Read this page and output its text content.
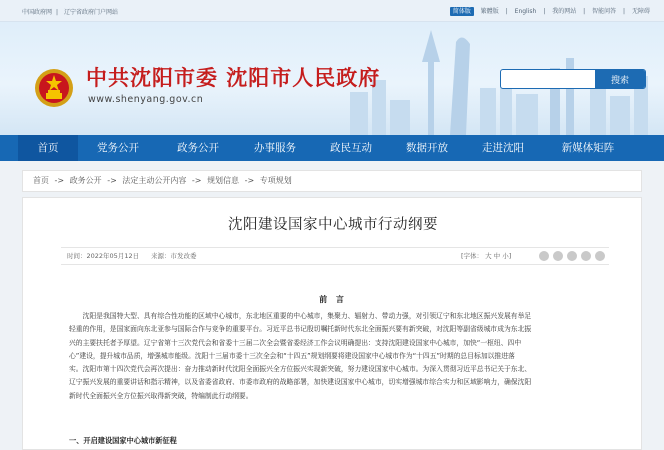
中国政府网 | 辽宁省政府门户网站	简体版 繁體版 | English | 我的网站 | 智能问答 | 无障碍
中共沈阳市委 沈阳市人民政府
www.shenyang.gov.cn
搜索
首页	党务公开	政务公开	办事服务	政民互动	数据开放	走进沈阳	新媒体矩阵
首页 -> 政务公开 -> 法定主动公开内容 -> 规划信息 -> 专项规划
沈阳建设国家中心城市行动纲要
时间：2022年05月12日 来源：市发改委	[字体： 大 中 小]
前 言

沈阳是我国特大型、具有综合性功能的区域中心城市，东北地区重要的中心城市，集聚力、辐射力、带动力强，对引领辽宁和东北地区振兴发展有举足

轻重的作用，是国家面向东北亚参与国际合作与竞争的重要平台。习近平总书记殷切嘱托新时代东北全面振兴要有新突破，对沈阳等副省级城市成为东北振

兴的主要扶托者予厚望。辽宁省第十三次党代会和省委十三届二次全会暨省委经济工作会议明确提出：支持沈阳建设国家中心城市，加快“一枢纽、四中

心”建设，提升城市品质，增强城市能级。沈阳十三届市委十三次全会和“十四五”规划纲要将建设国家中心城市作为“十四五”时期的总目标加以推进落

实。沈阳市第十四次党代会再次提出：奋力推动新时代沈阳全面振兴全方位振兴实现新突破，努力建设国家中心城市。为深入贯彻习近平总书记关于东北、

辽宁振兴发展的重要讲话和指示精神，以及省委省政府、市委市政府的战略部署，加快建设国家中心城市，切实增强城市综合实力和区域影响力，确保沈阳

新时代全面振兴全方位振兴取得新突破，特编制此行动纲要。

一、开启建设国家中心城市新征程
